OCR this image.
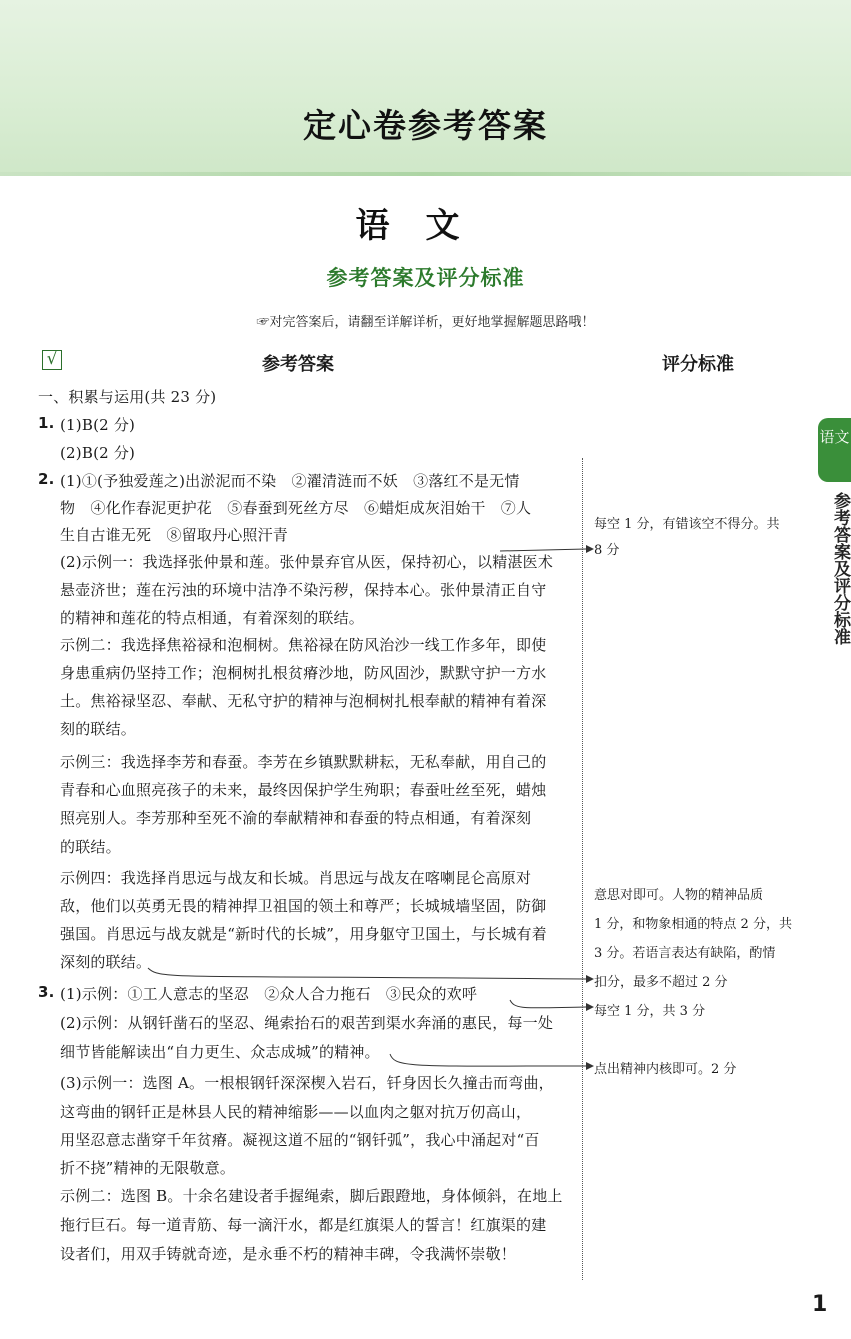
定心卷参考答案
语文
参考答案及评分标准
☞对完答案后，请翻至详解详析，更好地掌握解题思路哦！
√	参考答案	评分标准
语文
参考答案及评分标准
1.
2.
3.
一、积累与运用(共 23 分)
(1)B(2 分)
(2)B(2 分)
(1)①(予独爱莲之)出淤泥而不染　②濯清涟而不妖　③落红不是无情
物　④化作春泥更护花　⑤春蚕到死丝方尽　⑥蜡炬成灰泪始干　⑦人
生自古谁无死　⑧留取丹心照汗青
(2)示例一：我选择张仲景和莲。张仲景弃官从医，保持初心，以精湛医术
悬壶济世；莲在污浊的环境中洁净不染污秽，保持本心。张仲景清正自守
的精神和莲花的特点相通，有着深刻的联结。
示例二：我选择焦裕禄和泡桐树。焦裕禄在防风治沙一线工作多年，即使
身患重病仍坚持工作；泡桐树扎根贫瘠沙地，防风固沙，默默守护一方水
土。焦裕禄坚忍、奉献、无私守护的精神与泡桐树扎根奉献的精神有着深
刻的联结。
示例三：我选择李芳和春蚕。李芳在乡镇默默耕耘，无私奉献，用自己的
青春和心血照亮孩子的未来，最终因保护学生殉职；春蚕吐丝至死，蜡烛
照亮别人。李芳那种至死不渝的奉献精神和春蚕的特点相通，有着深刻
的联结。
示例四：我选择肖思远与战友和长城。肖思远与战友在喀喇昆仑高原对
敌，他们以英勇无畏的精神捍卫祖国的领土和尊严；长城城墙坚固，防御
强国。肖思远与战友就是“新时代的长城”，用身躯守卫国土，与长城有着
深刻的联结。
(1)示例：①工人意志的坚忍　②众人合力拖石　③民众的欢呼
(2)示例：从钢钎凿石的坚忍、绳索抬石的艰苦到渠水奔涌的惠民，每一处
细节皆能解读出“自力更生、众志成城”的精神。
(3)示例一：选图 A。一根根钢钎深深楔入岩石，钎身因长久撞击而弯曲，
这弯曲的钢钎正是林县人民的精神缩影——以血肉之躯对抗万仞高山，
用坚忍意志凿穿千年贫瘠。凝视这道不屈的“钢钎弧”，我心中涌起对“百
折不挠”精神的无限敬意。
示例二：选图 B。十余名建设者手握绳索，脚后跟蹬地，身体倾斜，在地上
拖行巨石。每一道青筋、每一滴汗水，都是红旗渠人的誓言！红旗渠的建
设者们，用双手铸就奇迹，是永垂不朽的精神丰碑，令我满怀崇敬！
每空 1 分，有错该空不得分。共
8 分
意思对即可。人物的精神品质
1 分，和物象相通的特点 2 分，共
3 分。若语言表达有缺陷，酌情
扣分，最多不超过 2 分
每空 1 分，共 3 分
点出精神内核即可。2 分
1
